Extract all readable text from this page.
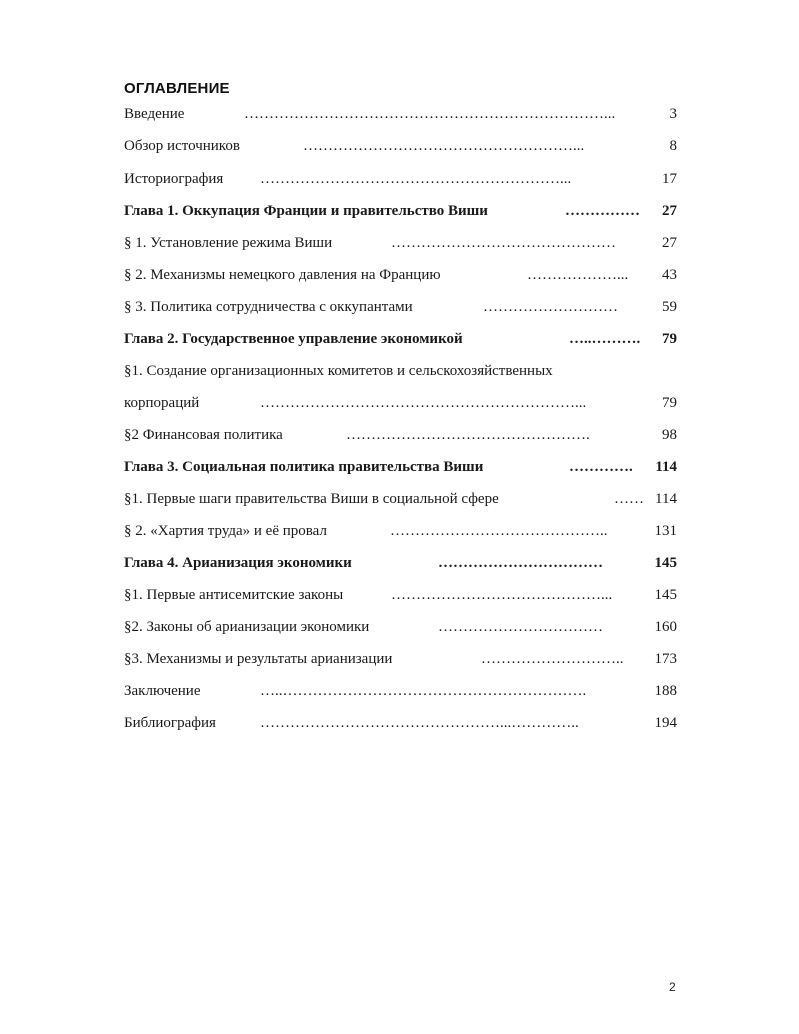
ОГЛАВЛЕНИЕ
Введение	………………………………………………………………...	3
Обзор источников	………………………………………………...	8
Историография ……………………………………………………...	17
Глава 1. Оккупация Франции и правительство Виши	……………	27
§ 1. Установление режима Виши	………………………………………	27
§ 2. Механизмы немецкого давления на Францию	………………...	43
§ 3. Политика сотрудничества с оккупантами	………………………	59
Глава 2. Государственное управление экономикой	…..……….	79
§1. Создание организационных комитетов и сельскохозяйственных
корпораций	………………………………………………………...	79
§2 Финансовая политика	………………………………………….	98
Глава 3. Социальная политика правительства Виши	………….	114
§1. Первые шаги правительства Виши в социальной сфере	…… 114
§ 2. «Хартия труда» и её провал	……………………………………..	131
Глава 4. Арианизация экономики	……………………………	145
§1. Первые антисемитские законы	……………………………………...	145
§2. Законы об арианизации экономики	……………………………	160
§3. Механизмы и результаты арианизации	………………………..	173
Заключение	…..…………………………………………………….	188
Библиография	…………………………………………...…………..	194
2
